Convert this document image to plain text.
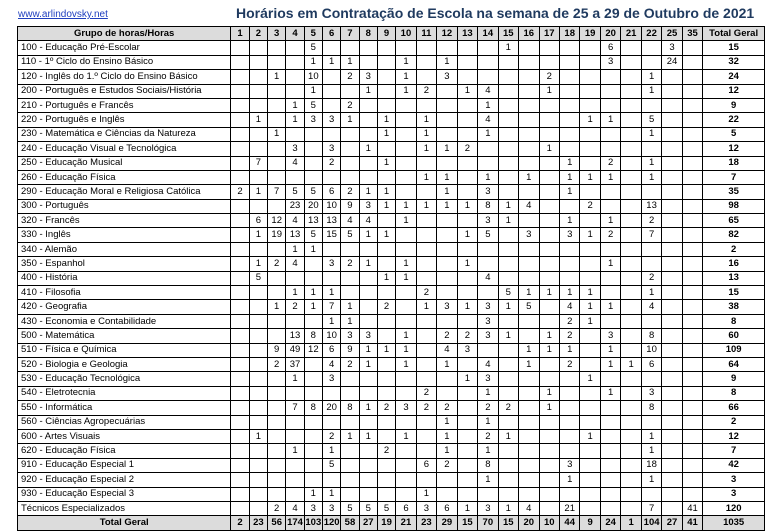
www.arlindovsky.net	Horários em Contratação de Escola na semana de 25 a 29 de Outubro de 2021
Grupo de horas/Horas	1	2	3	4	5	6	7	8	9	10	11	12	13	14	15	16	17	18	19	20	21	22	25	35	Total Geral
100 - Educação Pré-Escolar					5										1					6			3		15
110 - 1º Ciclo do Ensino Básico					1	1	1			1		1								3			24		32
120 - Inglês do 1.º Ciclo do Ensino Básico			1		10		2	3		1		3					2					1			24
200 - Português e Estudos Sociais/História					1			1		1	2		1	4			1					1			12
210 - Português e Francês				1	5		2							1											9
220 - Português e Inglês		1		1	3	3	1		1		1			4					1	1		5			22
230 - Matemática e Ciências da Natureza			1						1		1			1								1			5
240 - Educação Visual e Tecnológica				3		3		1			1	1	2				1								12
250 - Educação Musical		7		4		2			1									1		2		1			18
260 - Educação Física											1	1		1		1		1	1	1		1			7
290 - Educação Moral e Religiosa Católica	2	1	7	5	5	6	2	1	1			1		3				1							35
300 - Português				23	20	10	9	3	1	1	1	1	1	8	1	4			2			13			98
320 - Francês		6	12	4	13	13	4	4		1				3	1			1		1		2			65
330 - Inglês		1	19	13	5	15	5	1	1				1	5		3		3	1	2		7			82
340 - Alemão				1	1																				2
350 - Espanhol		1	2	4		3	2	1		1			1							1					16
400 - História		5							1	1				4								2			13
410 - Filosofia				1	1	1					2				5	1	1	1	1			1			15
420 - Geografia			1	2	1	7	1		2		1	3	1	3	1	5		4	1	1		4			38
430 - Economia e Contabilidade						1	1							3				2	1						8
500 - Matemática				13	8	10	3	3		1		2	2	3	1		1	2		3		8			60
510 - Física e Química			9	49	12	6	9	1	1	1		4	3			1	1	1		1		10			109
520 - Biologia e Geologia			2	37		4	2	1		1		1		4		1		2		1	1	6			64
530 - Educação Tecnológica				1		3							1	3					1						9
540 - Eletrotecnia											2			1			1			1		3			8
550 - Informática				7	8	20	8	1	2	3	2	2		2	2		1					8			66
560 - Ciências Agropecuárias												1		1											2
600 - Artes Visuais		1				2	1	1		1		1		2	1				1			1			12
620 - Educação Física				1		1			2			1		1								1			7
910 - Educação Especial 1						5					6	2		8				3				18			42
920 - Educação Especial 2														1				1				1			3
930 - Educação Especial 3					1	1					1														3
Técnicos Especializados			2	4	3	3	5	5	5	6	3	6	1	3	1	4		21				7		41	120
Total Geral	2	23	56	174	103	120	58	27	19	21	23	29	15	70	15	20	10	44	9	24	1	104	27	41	1035
